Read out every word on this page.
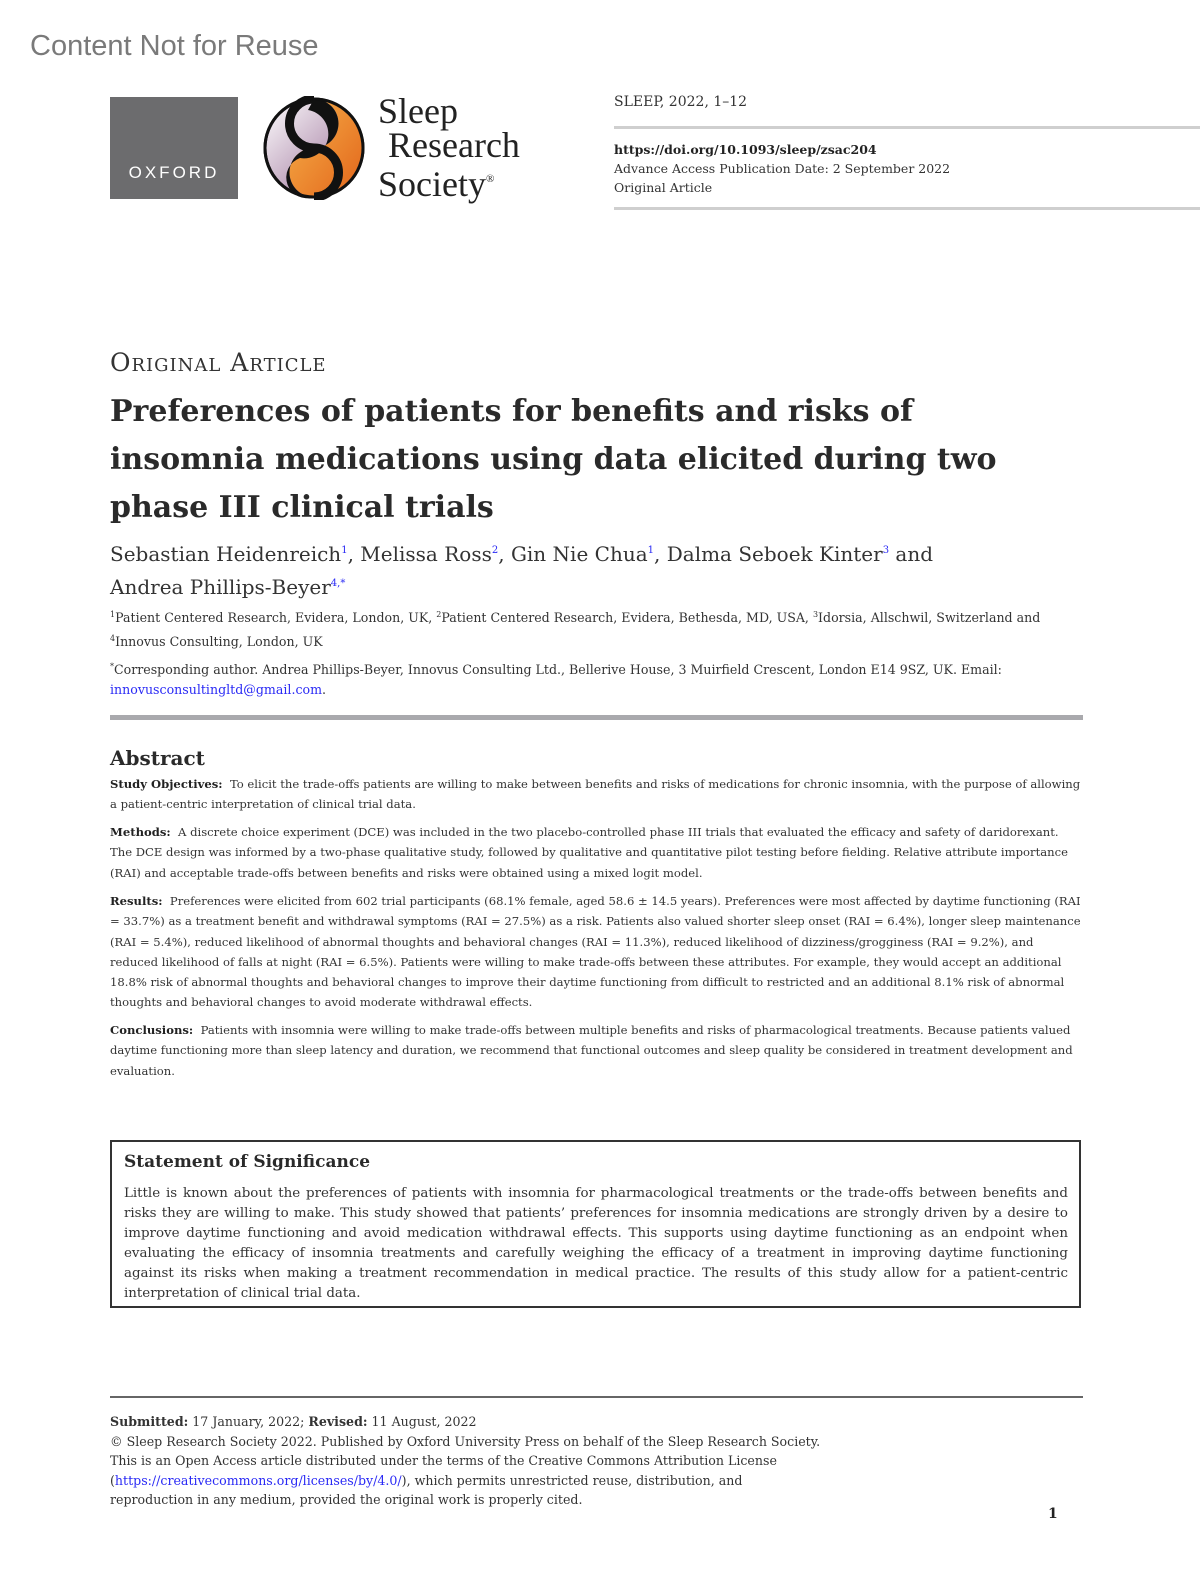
Content Not for Reuse
OXFORD
Sleep
Research
Society®
SLEEP, 2022, 1–12
https://doi.org/10.1093/sleep/zsac204
Advance Access Publication Date: 2 September 2022
Original Article
Original Article
Preferences of patients for benefits and risks of insomnia medications using data elicited during two phase III clinical trials
Sebastian Heidenreich$^1$, Melissa Ross$^2$, Gin Nie Chua$^1$, Dalma Seboek Kinter$^3$ and
Andrea Phillips-Beyer$^{4,*}$
$^1$Patient Centered Research, Evidera, London, UK, $^2$Patient Centered Research, Evidera, Bethesda, MD, USA, $^3$Idorsia, Allschwil, Switzerland and
$^4$Innovus Consulting, London, UK
*Corresponding author. Andrea Phillips-Beyer, Innovus Consulting Ltd., Bellerive House, 3 Muirfield Crescent, London E14 9SZ, UK. Email:
innovusconsultingltd@gmail.com.
Abstract
Study Objectives: To elicit the trade-offs patients are willing to make between benefits and risks of medications for chronic insomnia, with the purpose of allowing a patient-centric interpretation of clinical trial data.
Methods: A discrete choice experiment (DCE) was included in the two placebo-controlled phase III trials that evaluated the efficacy and safety of daridorexant. The DCE design was informed by a two-phase qualitative study, followed by qualitative and quantitative pilot testing before fielding. Relative attribute importance (RAI) and acceptable trade-offs between benefits and risks were obtained using a mixed logit model.
Results: Preferences were elicited from 602 trial participants (68.1% female, aged 58.6 ± 14.5 years). Preferences were most affected by daytime functioning (RAI = 33.7%) as a treatment benefit and withdrawal symptoms (RAI = 27.5%) as a risk. Patients also valued shorter sleep onset (RAI = 6.4%), longer sleep maintenance (RAI = 5.4%), reduced likelihood of abnormal thoughts and behavioral changes (RAI = 11.3%), reduced likelihood of dizziness/grogginess (RAI = 9.2%), and reduced likelihood of falls at night (RAI = 6.5%). Patients were willing to make trade-offs between these attributes. For example, they would accept an additional 18.8% risk of abnormal thoughts and behavioral changes to improve their daytime functioning from difficult to restricted and an additional 8.1% risk of abnormal thoughts and behavioral changes to avoid moderate withdrawal effects.
Conclusions: Patients with insomnia were willing to make trade-offs between multiple benefits and risks of pharmacological treatments. Because patients valued daytime functioning more than sleep latency and duration, we recommend that functional outcomes and sleep quality be considered in treatment development and evaluation.
Statement of Significance
Little is known about the preferences of patients with insomnia for pharmacological treatments or the trade-offs between benefits and risks they are willing to make. This study showed that patients’ preferences for insomnia medications are strongly driven by a desire to improve daytime functioning and avoid medication withdrawal effects. This supports using daytime functioning as an endpoint when evaluating the efficacy of insomnia treatments and carefully weighing the efficacy of a treatment in improving daytime functioning against its risks when making a treatment recommendation in medical practice. The results of this study allow for a patient-centric interpretation of clinical trial data.
Submitted: 17 January, 2022; Revised: 11 August, 2022
© Sleep Research Society 2022. Published by Oxford University Press on behalf of the Sleep Research Society.
This is an Open Access article distributed under the terms of the Creative Commons Attribution License
(https://creativecommons.org/licenses/by/4.0/), which permits unrestricted reuse, distribution, and
reproduction in any medium, provided the original work is properly cited.
1
